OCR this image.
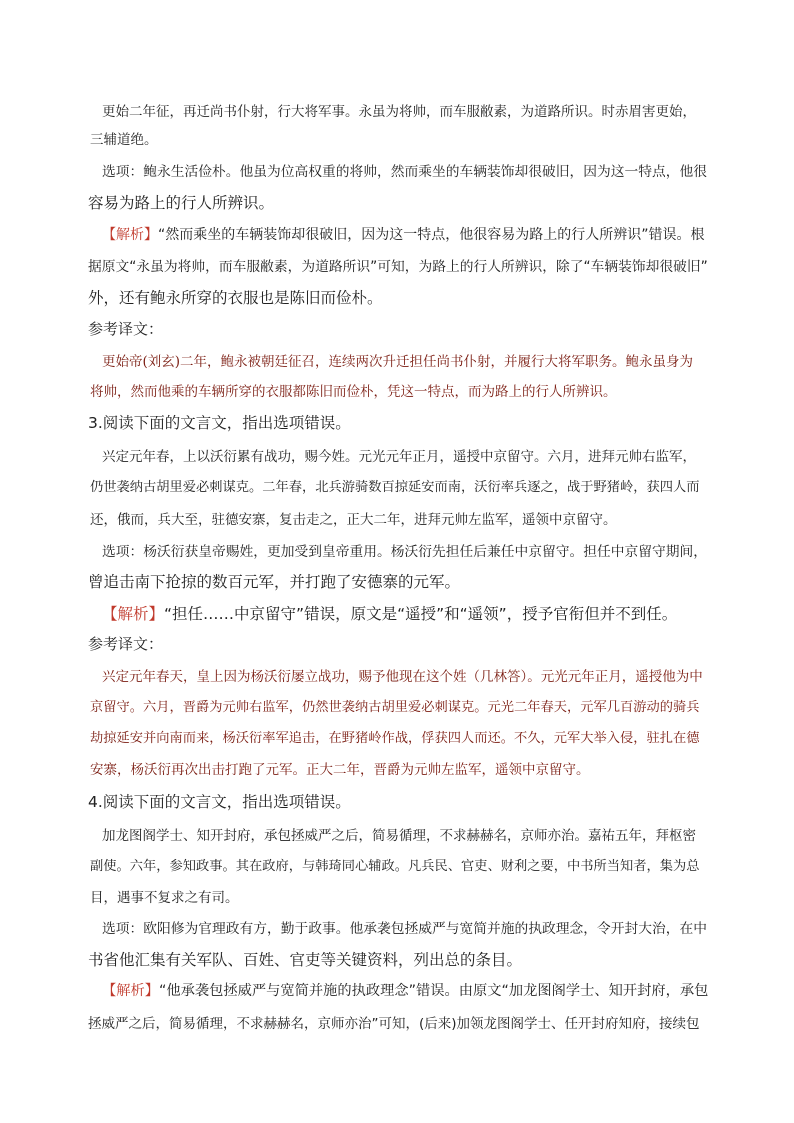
更始二年征，再迁尚书仆射，行大将军事。永虽为将帅，而车服敝素，为道路所识。时赤眉害更始，
三辅道绝。
选项：鲍永生活俭朴。他虽为位高权重的将帅，然而乘坐的车辆装饰却很破旧，因为这一特点，他很
容易为路上的行人所辨识。
【解析】“然而乘坐的车辆装饰却很破旧，因为这一特点，他很容易为路上的行人所辨识”错误。根
据原文“永虽为将帅，而车服敝素，为道路所识”可知，为路上的行人所辨识，除了“车辆装饰却很破旧”
外，还有鲍永所穿的衣服也是陈旧而俭朴。
参考译文：
更始帝(刘玄)二年，鲍永被朝廷征召，连续两次升迁担任尚书仆射，并履行大将军职务。鲍永虽身为
将帅，然而他乘的车辆所穿的衣服都陈旧而俭朴，凭这一特点，而为路上的行人所辨识。
3.阅读下面的文言文，指出选项错误。
兴定元年春，上以沃衍累有战功，赐今姓。元光元年正月，遥授中京留守。六月，进拜元帅右监军，
仍世袭纳古胡里爱必刺谋克。二年春，北兵游骑数百掠延安而南，沃衍率兵逐之，战于野猪岭，获四人而
还，俄而，兵大至，驻德安寨，复击走之，正大二年，进拜元帅左监军，遥领中京留守。
选项：杨沃衍获皇帝赐姓，更加受到皇帝重用。杨沃衍先担任后兼任中京留守。担任中京留守期间，
曾追击南下抢掠的数百元军，并打跑了安德寨的元军。
【解析】“担任……中京留守”错误，原文是“遥授”和“遥领”，授予官衔但并不到任。
参考译文：
兴定元年春天，皇上因为杨沃衍屡立战功，赐予他现在这个姓（几林答）。元光元年正月，遥授他为中
京留守。六月，晋爵为元帅右监军，仍然世袭纳古胡里爱必刺谋克。元光二年春天，元军几百游动的骑兵
劫掠延安并向南而来，杨沃衍率军追击，在野猪岭作战，俘获四人而还。不久，元军大举入侵，驻扎在德
安寨，杨沃衍再次出击打跑了元军。正大二年，晋爵为元帅左监军，遥领中京留守。
4.阅读下面的文言文，指出选项错误。
加龙图阁学士、知开封府，承包拯威严之后，简易循理，不求赫赫名，京师亦治。嘉祐五年，拜枢密
副使。六年，参知政事。其在政府，与韩琦同心辅政。凡兵民、官吏、财利之要，中书所当知者，集为总
目，遇事不复求之有司。
选项：欧阳修为官理政有方，勤于政事。他承袭包拯威严与宽简并施的执政理念，令开封大治，在中
书省他汇集有关军队、百姓、官吏等关键资料，列出总的条目。
【解析】“他承袭包拯威严与宽简并施的执政理念”错误。由原文“加龙图阁学士、知开封府，承包
拯威严之后，简易循理，不求赫赫名，京师亦治”可知，(后来)加领龙图阁学士、任开封府知府，接续包
